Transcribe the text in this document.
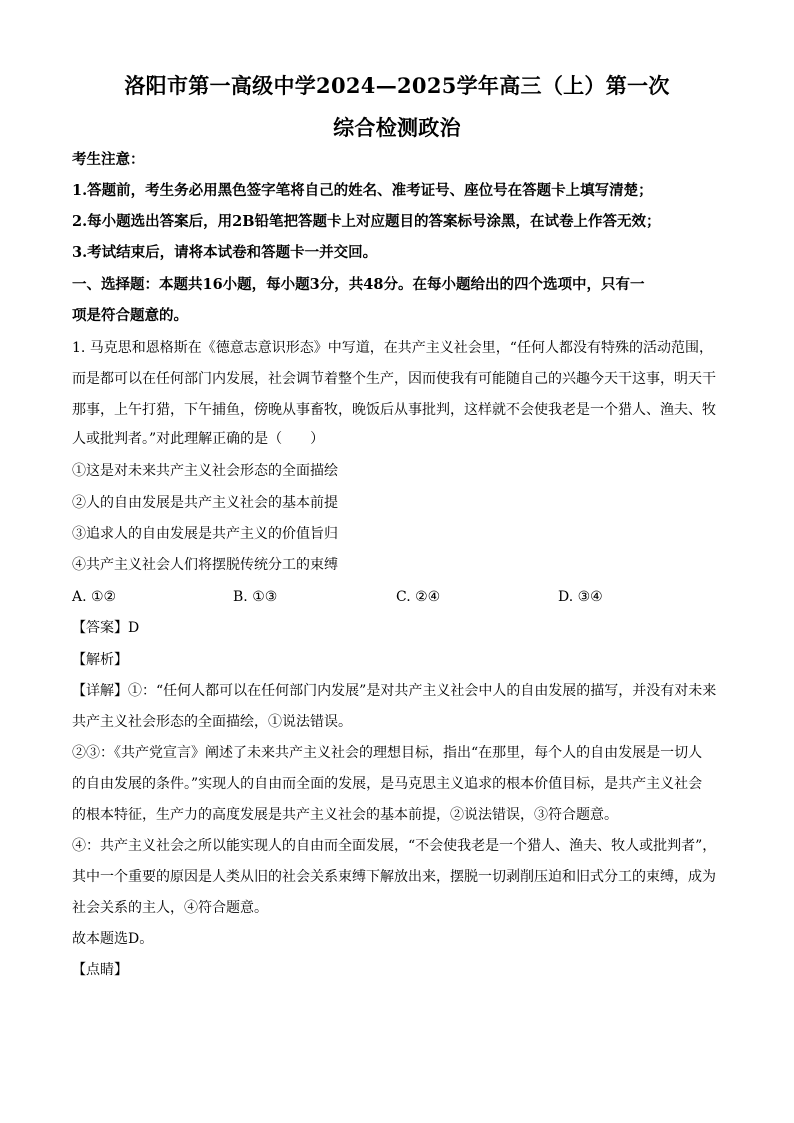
洛阳市第一高级中学2024—2025学年高三（上）第一次
综合检测政治
考生注意：
1.答题前，考生务必用黑色签字笔将自己的姓名、准考证号、座位号在答题卡上填写清楚；
2.每小题选出答案后，用2B铅笔把答题卡上对应题目的答案标号涂黑，在试卷上作答无效；
3.考试结束后，请将本试卷和答题卡一并交回。
一、选择题：本题共16小题，每小题3分，共48分。在每小题给出的四个选项中，只有一
项是符合题意的。
1. 马克思和恩格斯在《德意志意识形态》中写道，在共产主义社会里，“任何人都没有特殊的活动范围，
而是都可以在任何部门内发展，社会调节着整个生产，因而使我有可能随自己的兴趣今天干这事，明天干
那事，上午打猎，下午捕鱼，傍晚从事畜牧，晚饭后从事批判，这样就不会使我老是一个猎人、渔夫、牧
人或批判者。”对此理解正确的是（　　）
①这是对未来共产主义社会形态的全面描绘
②人的自由发展是共产主义社会的基本前提
③追求人的自由发展是共产主义的价值旨归
④共产主义社会人们将摆脱传统分工的束缚
A. ①②	B. ①③	C. ②④	D. ③④
【答案】D
【解析】
【详解】①：“任何人都可以在任何部门内发展”是对共产主义社会中人的自由发展的描写，并没有对未来
共产主义社会形态的全面描绘，①说法错误。
②③：《共产党宣言》阐述了未来共产主义社会的理想目标，指出“在那里，每个人的自由发展是一切人
的自由发展的条件。”实现人的自由而全面的发展，是马克思主义追求的根本价值目标，是共产主义社会
的根本特征，生产力的高度发展是共产主义社会的基本前提，②说法错误，③符合题意。
④：共产主义社会之所以能实现人的自由而全面发展，“不会使我老是一个猎人、渔夫、牧人或批判者”，
其中一个重要的原因是人类从旧的社会关系束缚下解放出来，摆脱一切剥削压迫和旧式分工的束缚，成为
社会关系的主人，④符合题意。
故本题选D。
【点睛】
